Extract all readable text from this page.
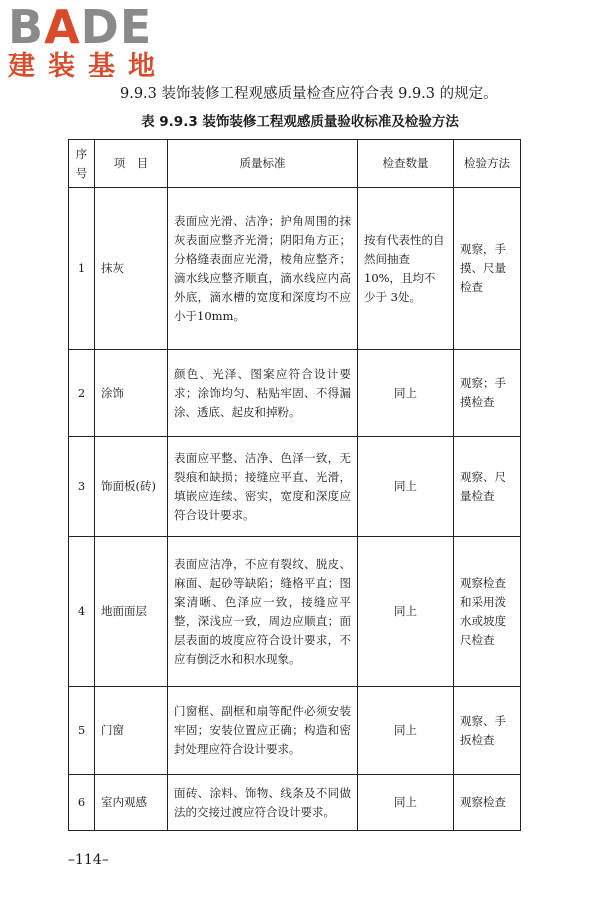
BADE
建装基地
9.9.3 装饰装修工程观感质量检查应符合表 9.9.3 的规定。
表 9.9.3 装饰装修工程观感质量验收标准及检验方法
序号	项　目	质量标准	检查数量	检验方法
1	抹灰	表面应光滑、洁净；护角周围的抹灰表面应整齐光滑；阴阳角方正；分格缝表面应光滑，棱角应整齐；滴水线应整齐顺直，滴水线应内高外底，滴水槽的宽度和深度均不应小于10mm。	按有代表性的自然间抽查 10%，且均不少于 3处。	观察，手摸、尺量检查
2	涂饰	颜色、光泽、图案应符合设计要求；涂饰均匀、粘贴牢固、不得漏涂、透底、起皮和掉粉。	同上	观察；手摸检查
3	饰面板(砖)	表面应平整、洁净、色泽一致，无裂痕和缺损；接缝应平直、光滑，填嵌应连续、密实，宽度和深度应符合设计要求。	同上	观察、尺量检查
4	地面面层	表面应洁净，不应有裂纹、脱皮、麻面、起砂等缺陷；缝格平直；图案清晰、色泽应一致，接缝应平整，深浅应一致，周边应顺直；面层表面的坡度应符合设计要求，不应有倒泛水和积水现象。	同上	观察检查和采用泼水或坡度尺检查
5	门窗	门窗框、副框和扇等配件必须安装牢固；安装位置应正确；构造和密封处理应符合设计要求。	同上	观察、手扳检查
6	室内观感	面砖、涂料、饰物、线条及不同做法的交接过渡应符合设计要求。	同上	观察检查
–114–
